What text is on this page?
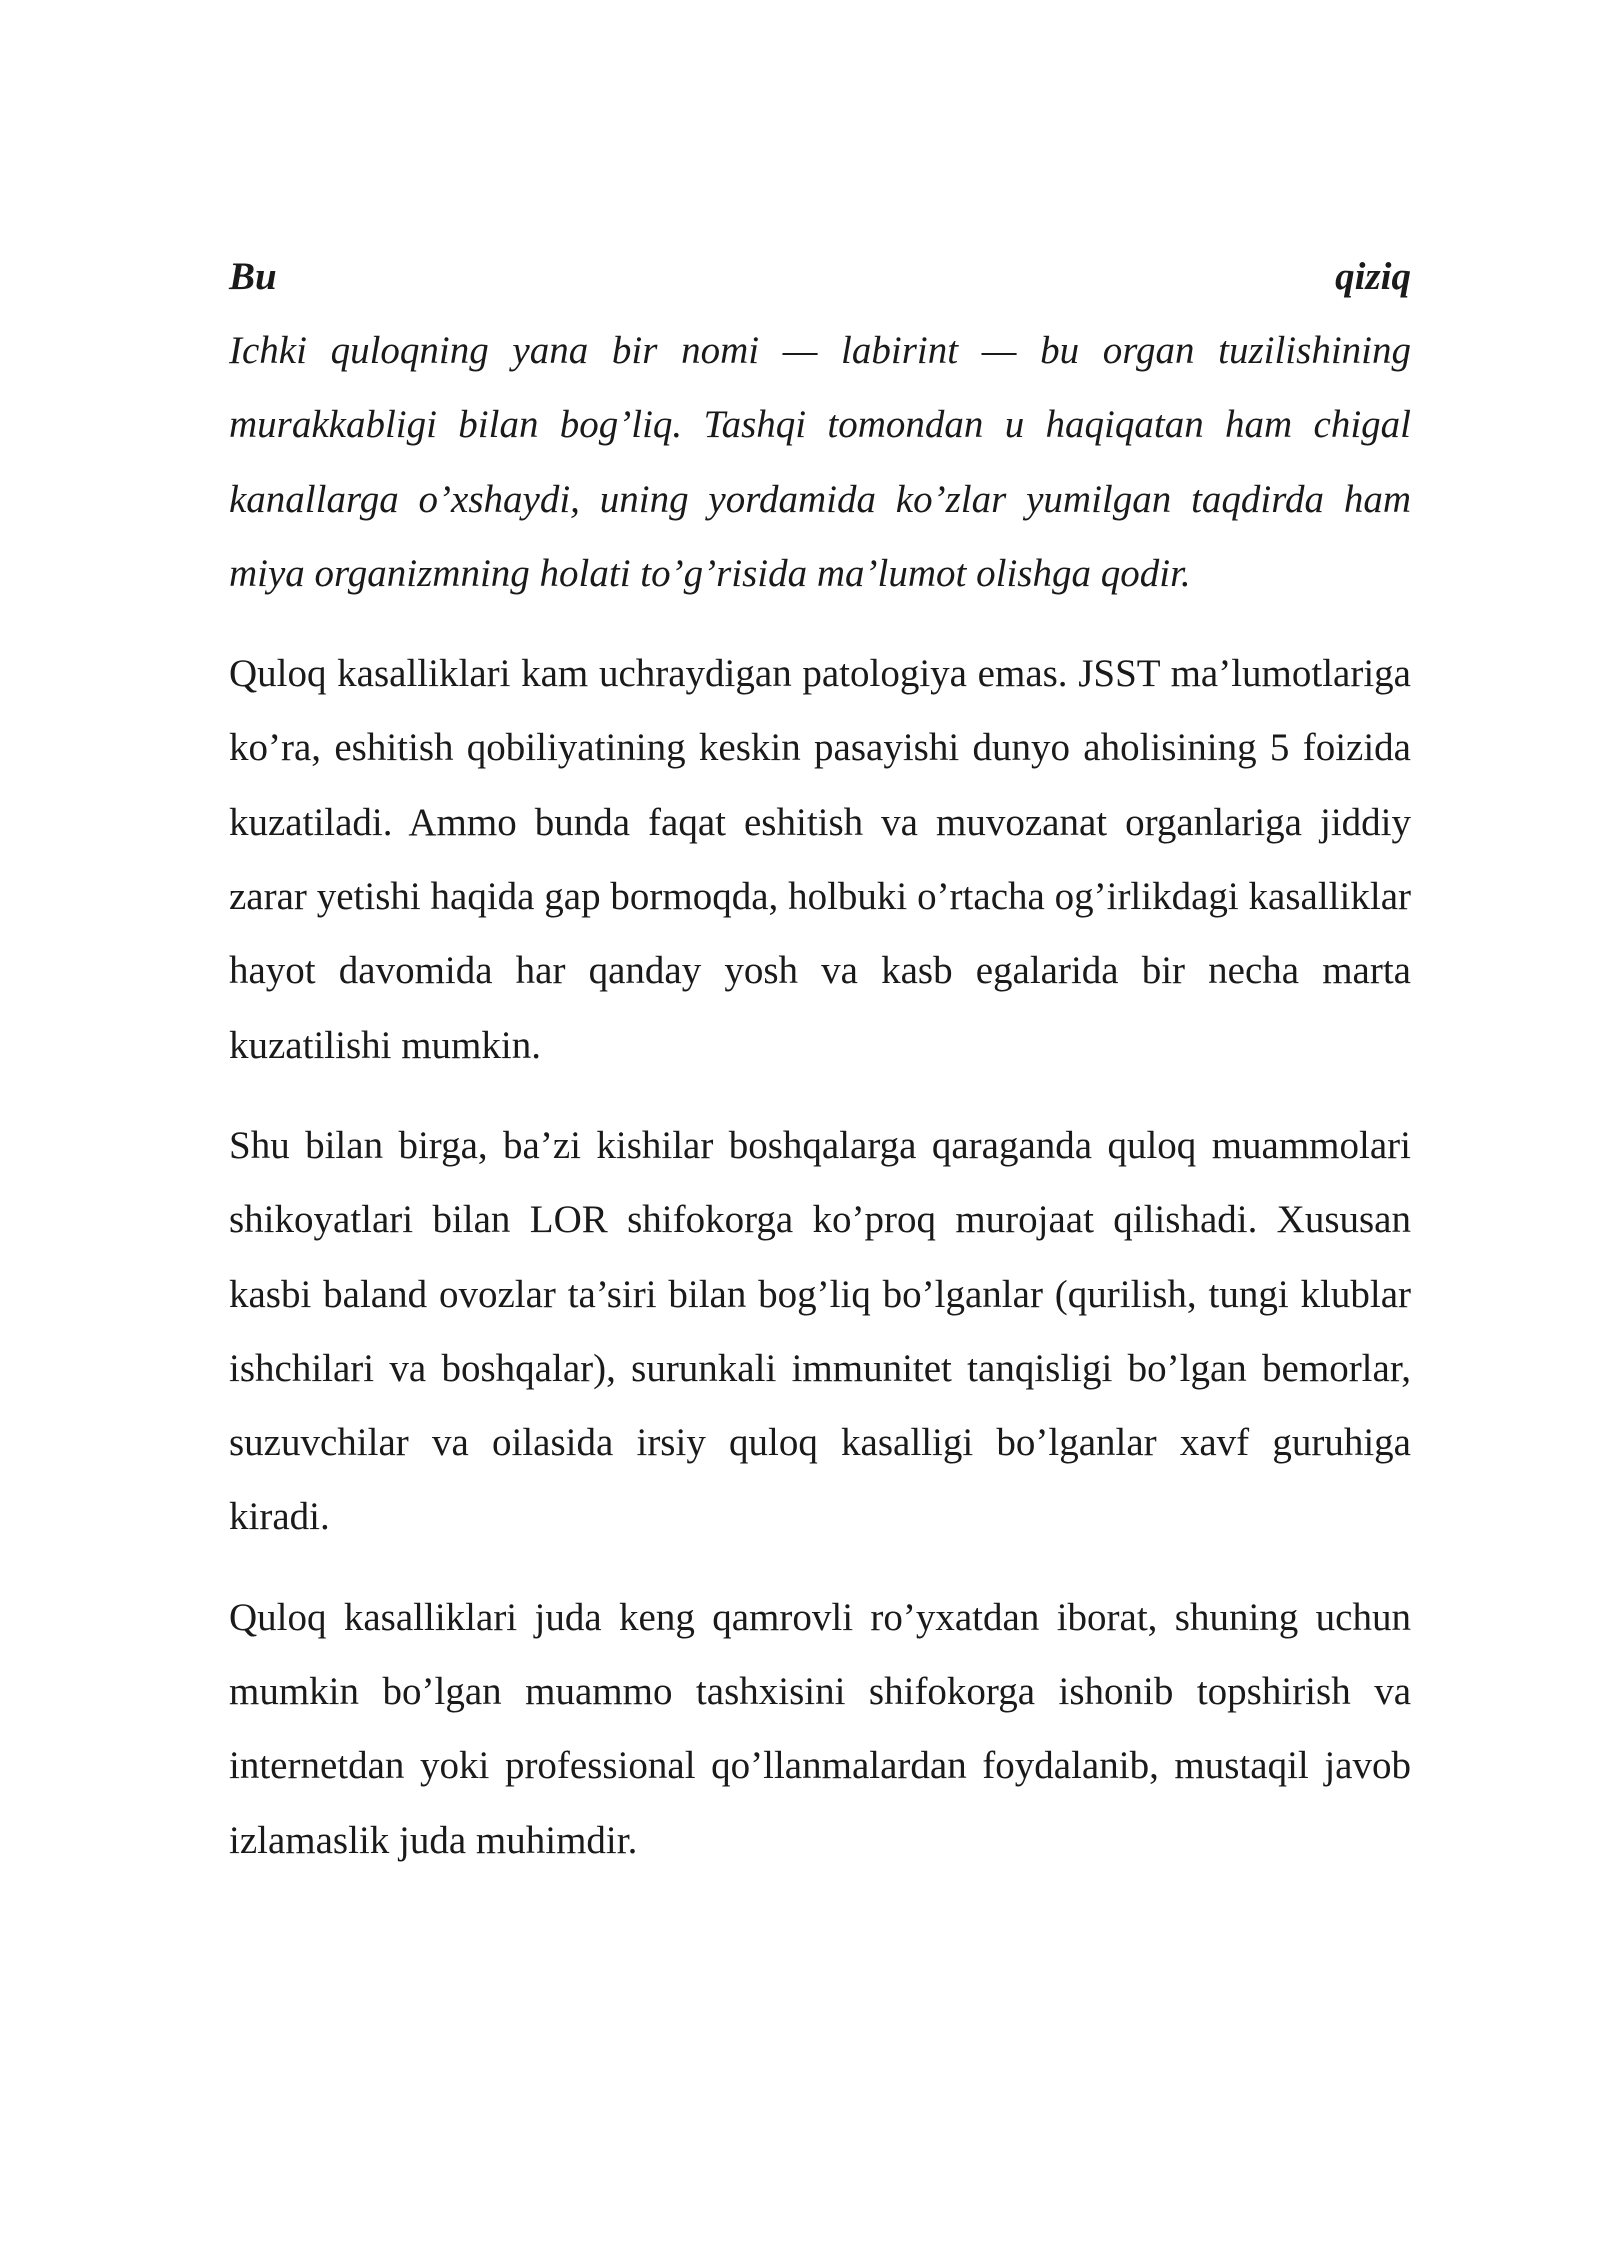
Bu	qiziq

Ichki quloqning yana bir nomi — labirint — bu organ tuzilishining murakkabligi bilan bog’liq. Tashqi tomondan u haqiqatan ham chigal kanallarga o’xshaydi, uning yordamida ko’zlar yumilgan taqdirda ham miya organizmning holati to’g’risida ma’lumot olishga qodir.

Quloq kasalliklari kam uchraydigan patologiya emas. JSST ma’lumotlariga ko’ra, eshitish qobiliyatining keskin pasayishi dunyo aholisining 5 foizida kuzatiladi. Ammo bunda faqat eshitish va muvozanat organlariga jiddiy zarar yetishi haqida gap bormoqda, holbuki o’rtacha og’irlikdagi kasalliklar hayot davomida har qanday yosh va kasb egalarida bir necha marta kuzatilishi mumkin.

Shu bilan birga, ba’zi kishilar boshqalarga qaraganda quloq muammolari shikoyatlari bilan LOR shifokorga ko’proq murojaat qilishadi. Xususan kasbi baland ovozlar ta’siri bilan bog’liq bo’lganlar (qurilish, tungi klublar ishchilari va boshqalar), surunkali immunitet tanqisligi bo’lgan bemorlar, suzuvchilar va oilasida irsiy quloq kasalligi bo’lganlar xavf guruhiga kiradi.

Quloq kasalliklari juda keng qamrovli ro’yxatdan iborat, shuning uchun mumkin bo’lgan muammo tashxisini shifokorga ishonib topshirish va internetdan yoki professional qo’llanmalardan foydalanib, mustaqil javob izlamaslik juda muhimdir.
